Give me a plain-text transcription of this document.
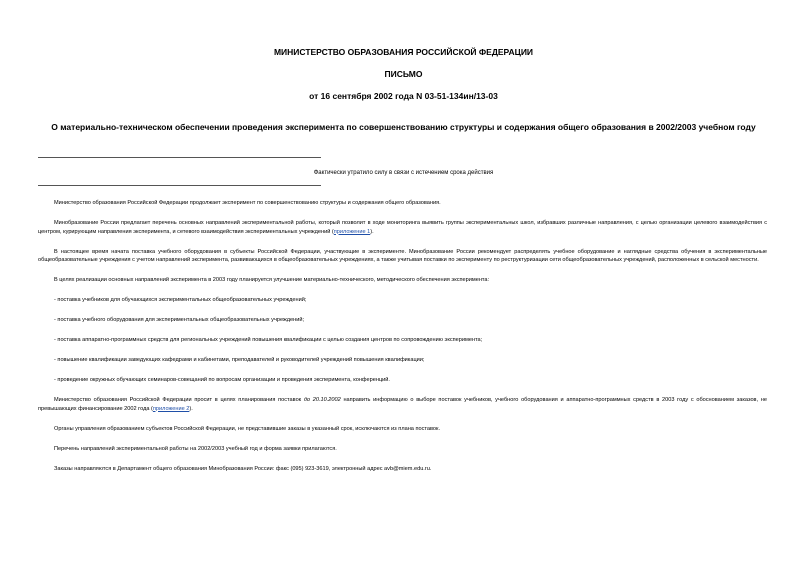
МИНИСТЕРСТВО ОБРАЗОВАНИЯ РОССИЙСКОЙ ФЕДЕРАЦИИ
ПИСЬМО
от 16 сентября 2002 года N 03-51-134ин/13-03
О материально-техническом обеспечении проведения эксперимента по совершенствованию структуры и содержания общего образования в 2002/2003 учебном году
Фактически утратило силу в связи с истечением срока действия

Министерство образования Российской Федерации продолжает эксперимент по совершенствованию структуры и содержания общего образования.

Минобразование России предлагает перечень основных направлений экспериментальной работы, который позволит в ходе мониторинга выявить группы экспериментальных школ, избравших различные направления, с целью организации целевого взаимодействия с центром, курирующим направления эксперимента, и сетевого взаимодействия экспериментальных учреждений (приложение 1).

В настоящее время начата поставка учебного оборудования в субъекты Российской Федерации, участвующие в эксперименте. Минобразование России рекомендует распределять учебное оборудование и наглядные средства обучения в экспериментальные общеобразовательные учреждения с учетом направлений эксперимента, развивающихся в общеобразовательных учреждениях, а также учитывая поставки по эксперименту по реструктуризации сети общеобразовательных учреждений, расположенных в сельской местности.

В целях реализации основных направлений эксперимента в 2003 году планируется улучшение материально-технического, методического обеспечения эксперимента:

- поставка учебников для обучающихся экспериментальных общеобразовательных учреждений;

- поставка учебного оборудования для экспериментальных общеобразовательных учреждений;

- поставка аппаратно-программных средств для региональных учреждений повышения квалификации с целью создания центров по сопровождению эксперимента;

- повышение квалификации заведующих кафедрами и кабинетами, преподавателей и руководителей учреждений повышения квалификации;

- проведение окружных обучающих семинаров-совещаний по вопросам организации и проведения эксперимента, конференций.

Министерство образования Российской Федерации просит в целях планирования поставок до 20.10.2002 направить информацию о выборе поставок учебников, учебного оборудования и аппаратно-программных средств в 2003 году с обоснованием заказов, не превышающих финансирование 2002 года (приложение 2).

Органы управления образованием субъектов Российской Федерации, не представившие заказы в указанный срок, исключаются из плана поставок.

Перечень направлений экспериментальной работы на 2002/2003 учебный год и форма заявки прилагаются.

Заказы направляются в Департамент общего образования Минобразования России: факс (095) 923-3619, электронный адрес avb@miem.edu.ru.
